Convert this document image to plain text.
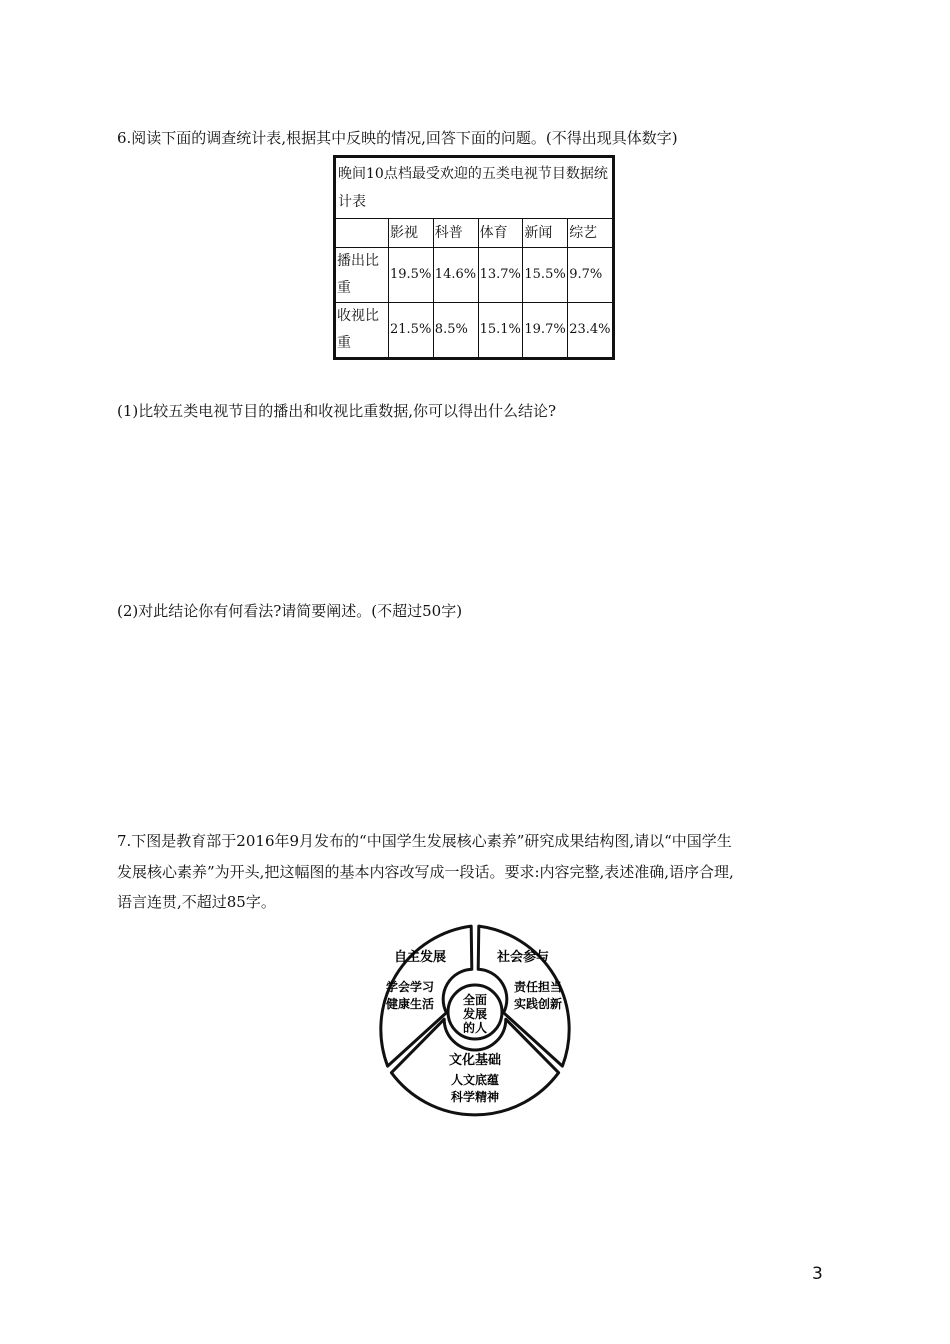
6.阅读下面的调查统计表,根据其中反映的情况,回答下面的问题。(不得出现具体数字)
晚间10点档最受欢迎的五类电视节目数据统计表					
	影视	科普	体育	新闻	综艺
播出比重	19.5%	14.6%	13.7%	15.5%	9.7%
收视比重	21.5%	8.5%	15.1%	19.7%	23.4%
(1)比较五类电视节目的播出和收视比重数据,你可以得出什么结论?
(2)对此结论你有何看法?请简要阐述。(不超过50字)
7.下图是教育部于2016年9月发布的“中国学生发展核心素养”研究成果结构图,请以“中国学生
发展核心素养”为开头,把这幅图的基本内容改写成一段话。要求:内容完整,表述准确,语序合理,
语言连贯,不超过85字。
全面
发展
的人
自主发展
学会学习
健康生活
社会参与
责任担当
实践创新
文化基础
人文底蕴
科学精神
3
